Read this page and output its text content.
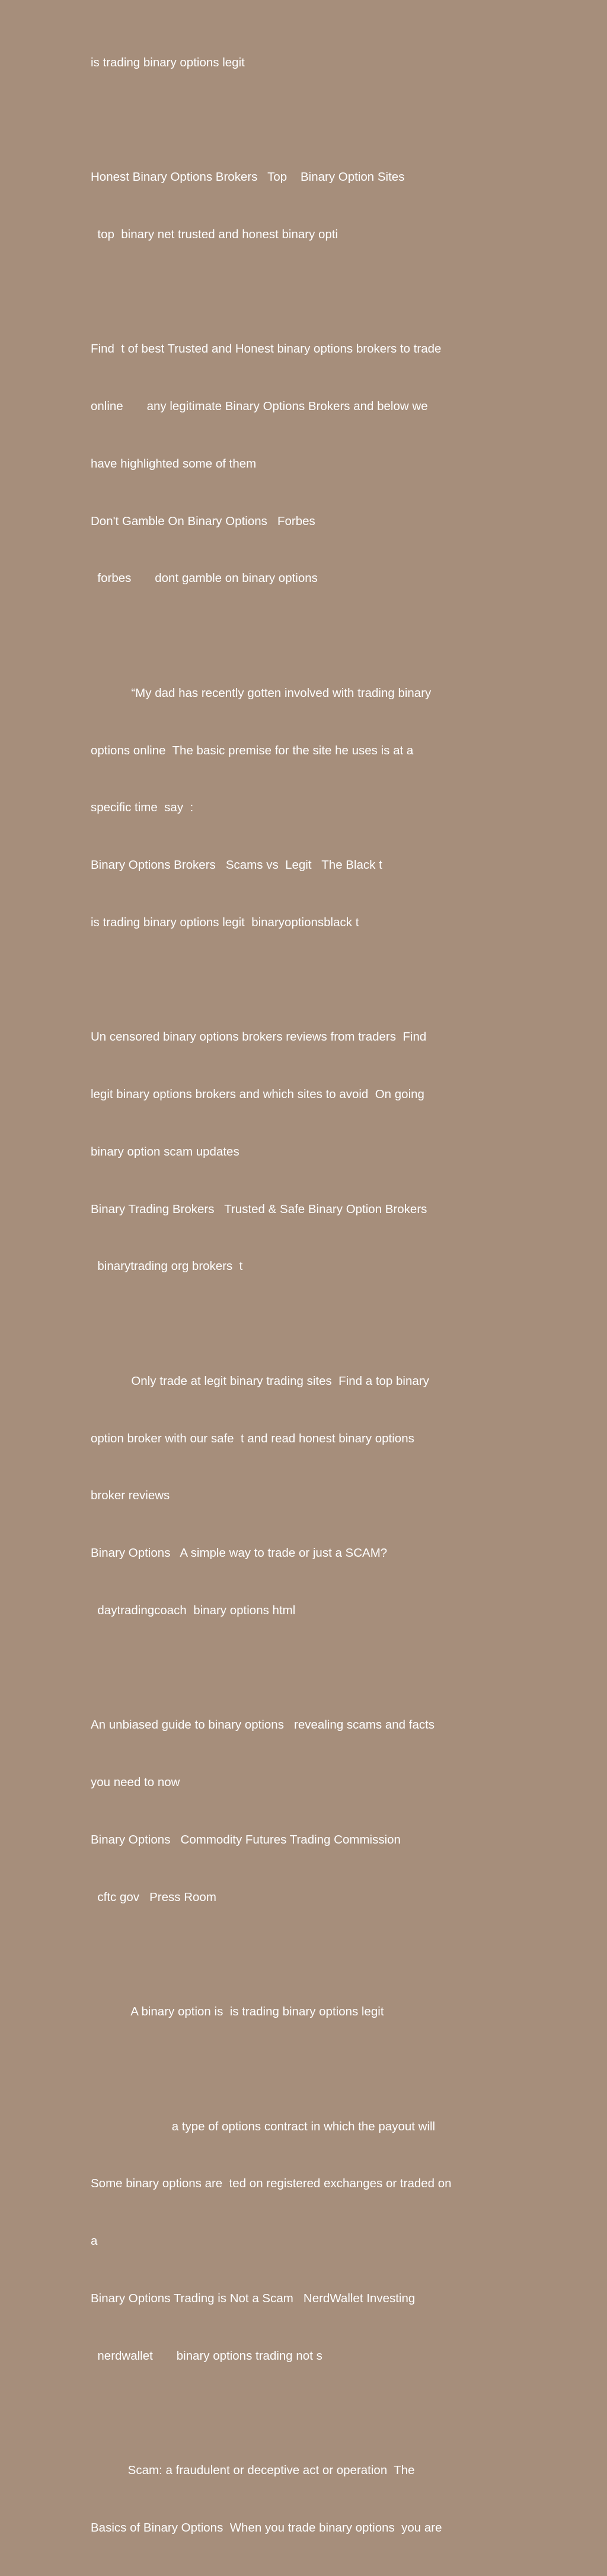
is trading binary options legit

Honest Binary Options Brokers   Top    Binary Option Sites

top  binary net trusted and honest binary opti

Find  t of best Trusted and Honest binary options brokers to trade

online       any legitimate Binary Options Brokers and below we

have highlighted some of them

Don't Gamble On Binary Options   Forbes

forbes       dont gamble on binary options

“My dad has recently gotten involved with trading binary

options online  The basic premise for the site he uses is at a

specific time  say  :

Binary Options Brokers   Scams vs  Legit   The Black t

is trading binary options legit  binaryoptionsblack t

Un censored binary options brokers reviews from traders  Find

legit binary options brokers and which sites to avoid  On going

binary option scam updates

Binary Trading Brokers   Trusted & Safe Binary Option Brokers

binarytrading org brokers  t

Only trade at legit binary trading sites  Find a top binary

option broker with our safe  t and read honest binary options

broker reviews

Binary Options   A simple way to trade or just a SCAM?

daytradingcoach  binary options html

An unbiased guide to binary options   revealing scams and facts

you need to now

Binary Options   Commodity Futures Trading Commission

cftc gov   Press Room

A binary option is  is trading binary options legit

a type of options contract in which the payout will

Some binary options are  ted on registered exchanges or traded on

a

Binary Options Trading is Not a Scam   NerdWallet Investing

nerdwallet       binary options trading not s

Scam: a fraudulent or deceptive act or operation  The

Basics of Binary Options  When you trade binary options  you are
